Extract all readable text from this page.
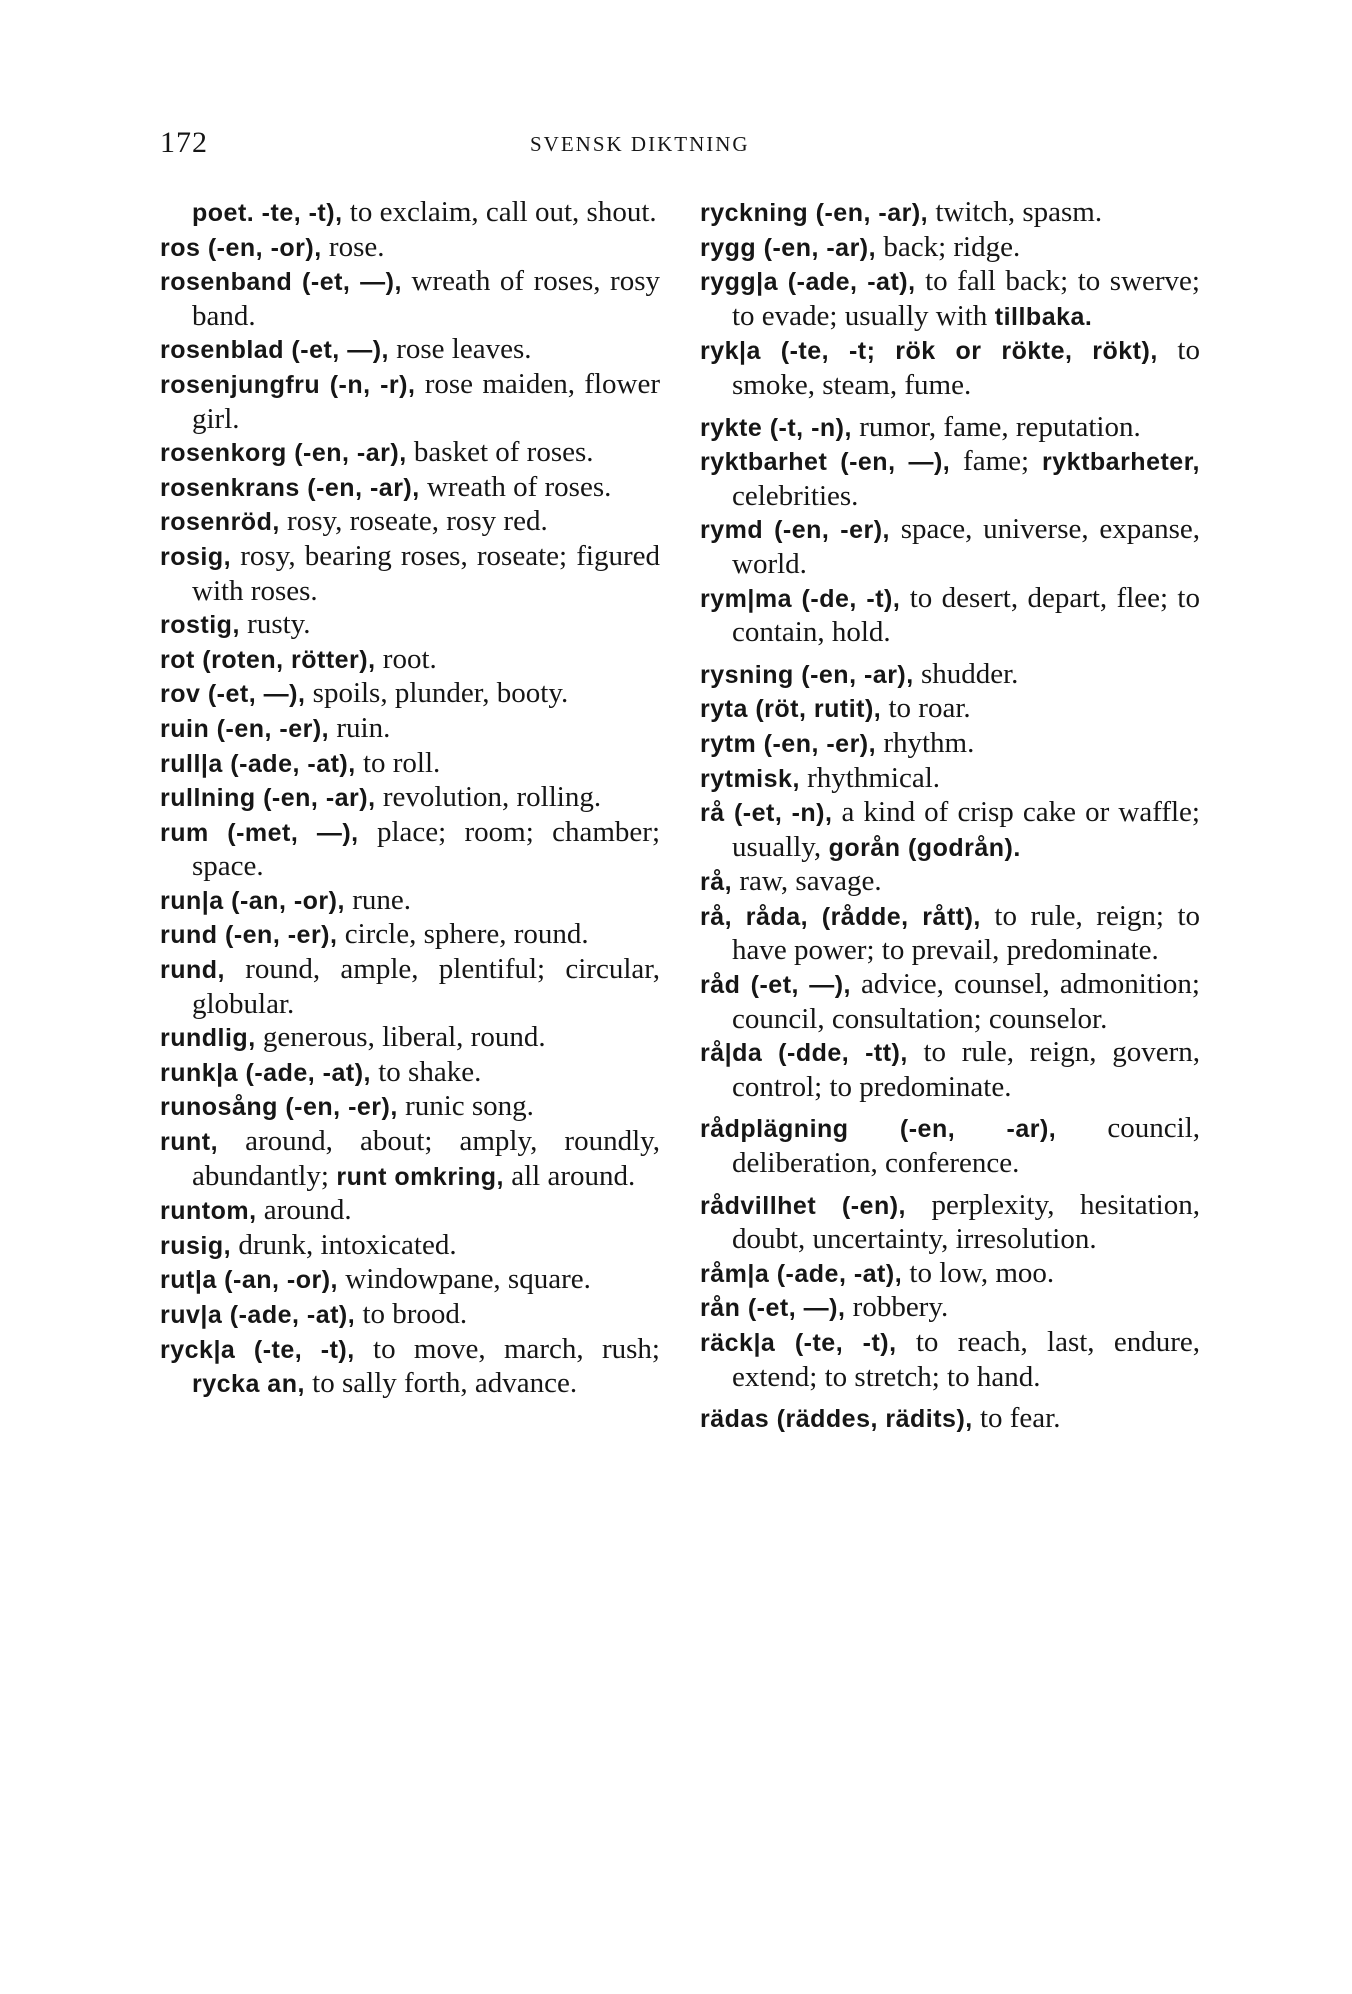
172	SVENSK DIKTNING
poet. -te, -t), to exclaim, call out, shout.
ros (-en, -or), rose.
rosenband (-et, —), wreath of roses, rosy band.
rosenblad (-et, —), rose leaves.
rosenjungfru (-n, -r), rose maiden, flower girl.
rosenkorg (-en, -ar), basket of roses.
rosenkrans (-en, -ar), wreath of roses.
rosenröd, rosy, roseate, rosy red.
rosig, rosy, bearing roses, roseate; figured with roses.
rostig, rusty.
rot (roten, rötter), root.
rov (-et, —), spoils, plunder, booty.
ruin (-en, -er), ruin.
rull|a (-ade, -at), to roll.
rullning (-en, -ar), revolution, rolling.
rum (-met, —), place; room; chamber; space.
run|a (-an, -or), rune.
rund (-en, -er), circle, sphere, round.
rund, round, ample, plentiful; circular, globular.
rundlig, generous, liberal, round.
runk|a (-ade, -at), to shake.
runosång (-en, -er), runic song.
runt, around, about; amply, roundly, abundantly; runt omkring, all around.
runtom, around.
rusig, drunk, intoxicated.
rut|a (-an, -or), windowpane, square.
ruv|a (-ade, -at), to brood.
ryck|a (-te, -t), to move, march, rush; rycka an, to sally forth, advance.
ryckning (-en, -ar), twitch, spasm.
rygg (-en, -ar), back; ridge.
rygg|a (-ade, -at), to fall back; to swerve; to evade; usually with tillbaka.
ryk|a (-te, -t; rök or rökte, rökt), to smoke, steam, fume.
rykte (-t, -n), rumor, fame, reputation.
ryktbarhet (-en, —), fame; ryktbarheter, celebrities.
rymd (-en, -er), space, universe, expanse, world.
rym|ma (-de, -t), to desert, depart, flee; to contain, hold.
rysning (-en, -ar), shudder.
ryta (röt, rutit), to roar.
rytm (-en, -er), rhythm.
rytmisk, rhythmical.
rå (-et, -n), a kind of crisp cake or waffle; usually, gorån (godrån).
rå, raw, savage.
rå, råda, (rådde, rått), to rule, reign; to have power; to prevail, predominate.
råd (-et, —), advice, counsel, admonition; council, consultation; counselor.
rå|da (-dde, -tt), to rule, reign, govern, control; to predominate.
rådplägning (-en, -ar), council, deliberation, conference.
rådvillhet (-en), perplexity, hesitation, doubt, uncertainty, irresolution.
råm|a (-ade, -at), to low, moo.
rån (-et, —), robbery.
räck|a (-te, -t), to reach, last, endure, extend; to stretch; to hand.
rädas (räddes, rädits), to fear.
